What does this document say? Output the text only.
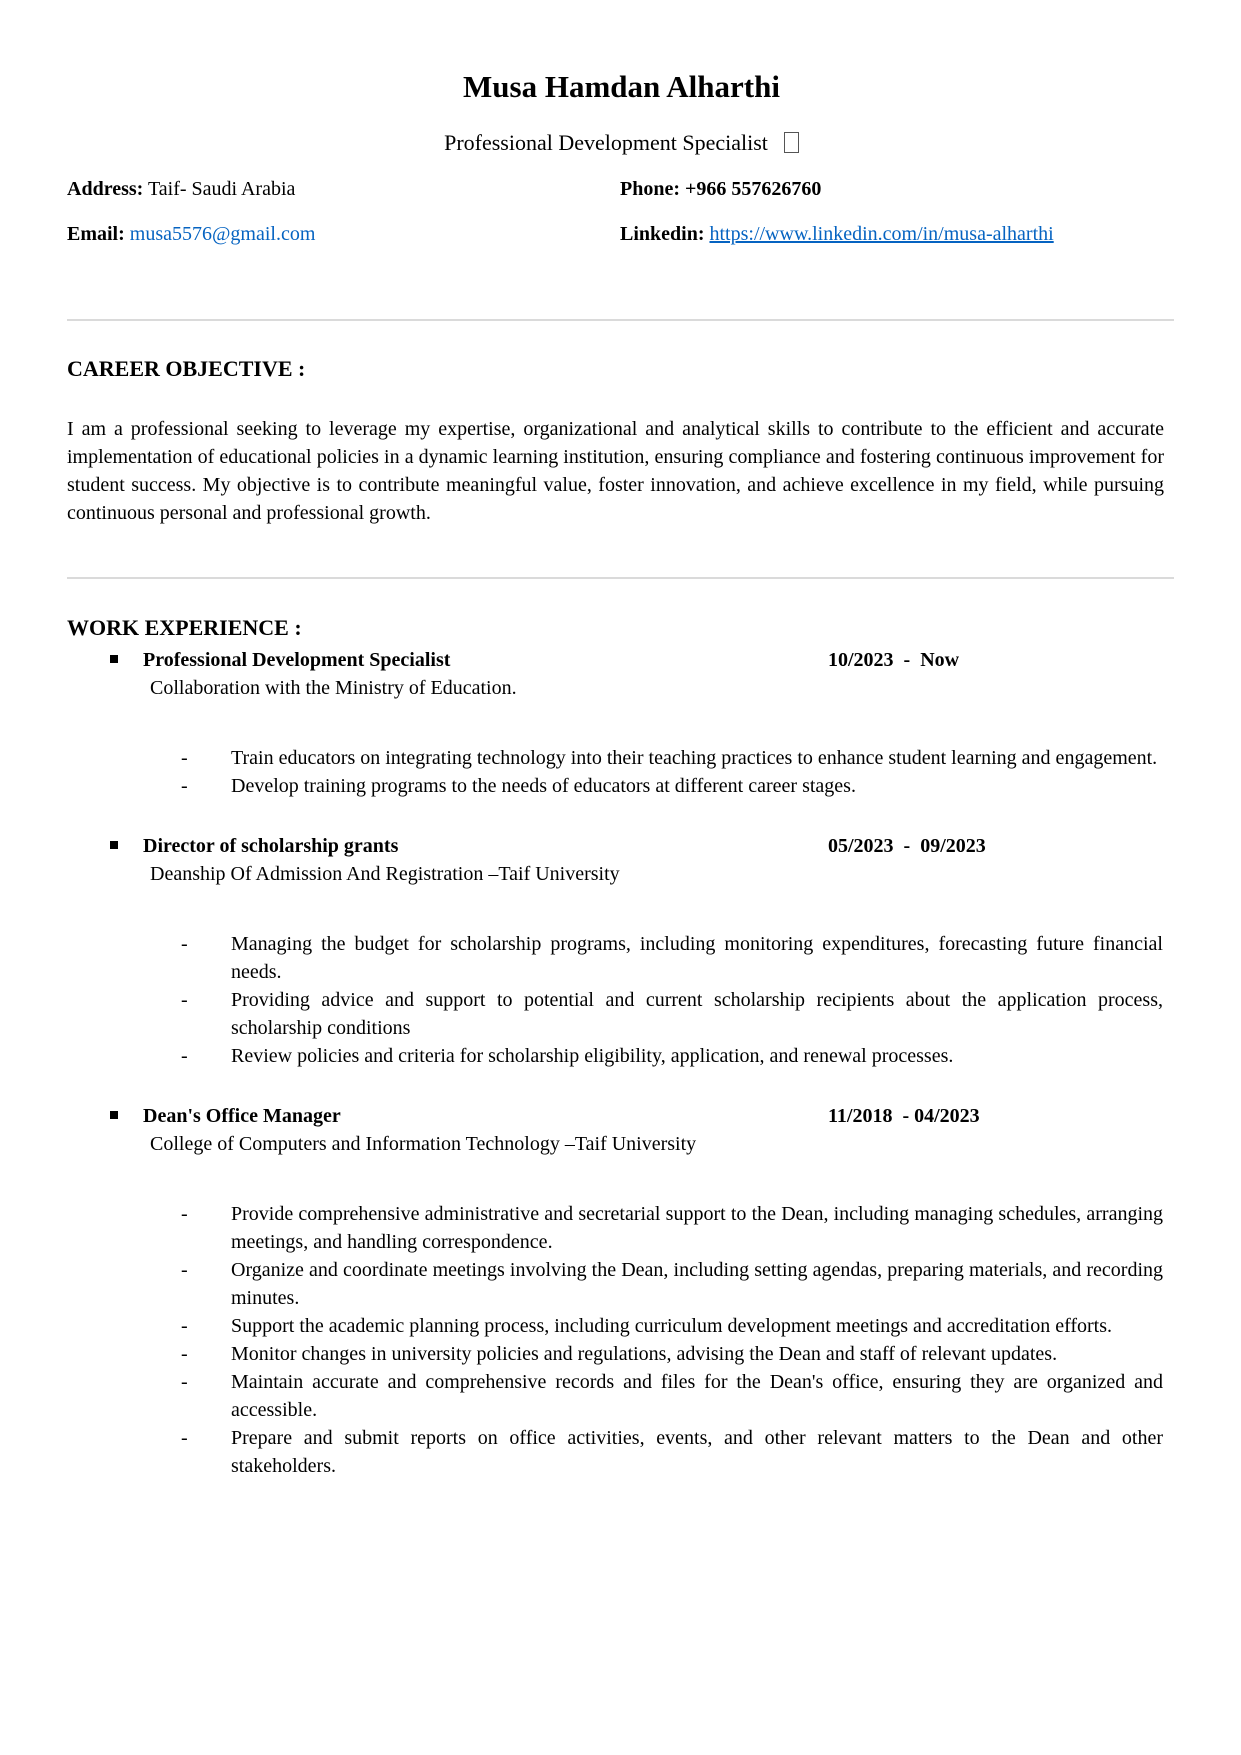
Musa Hamdan Alharthi
Professional Development Specialist
Address: Taif- Saudi Arabia	Phone: +966 557626760
Email: musa5576@gmail.com	Linkedin: https://www.linkedin.com/in/musa-alharthi
CAREER OBJECTIVE :
I am a professional seeking to leverage my expertise, organizational and analytical skills to contribute to the efficient and accurate implementation of educational policies in a dynamic learning institution, ensuring compliance and fostering continuous improvement for student success. My objective is to contribute meaningful value, foster innovation, and achieve excellence in my field, while pursuing continuous personal and professional growth.
WORK EXPERIENCE :
Professional Development Specialist	10/2023  -  Now
Collaboration with the Ministry of Education.
-	Train educators on integrating technology into their teaching practices to enhance student learning and engagement.
-	Develop training programs to the needs of educators at different career stages.
Director of scholarship grants	05/2023  -  09/2023
Deanship Of Admission And Registration –Taif University
-	Managing the budget for scholarship programs, including monitoring expenditures, forecasting future financial needs.
-	Providing advice and support to potential and current scholarship recipients about the application process, scholarship conditions
-	Review policies and criteria for scholarship eligibility, application, and renewal processes.
Dean's Office Manager	11/2018  - 04/2023
College of Computers and Information Technology –Taif University
-	Provide comprehensive administrative and secretarial support to the Dean, including managing schedules, arranging meetings, and handling correspondence.
-	Organize and coordinate meetings involving the Dean, including setting agendas, preparing materials, and recording minutes.
-	Support the academic planning process, including curriculum development meetings and accreditation efforts.
-	Monitor changes in university policies and regulations, advising the Dean and staff of relevant updates.
-	Maintain accurate and comprehensive records and files for the Dean's office, ensuring they are organized and accessible.
-	Prepare and submit reports on office activities, events, and other relevant matters to the Dean and other stakeholders.
